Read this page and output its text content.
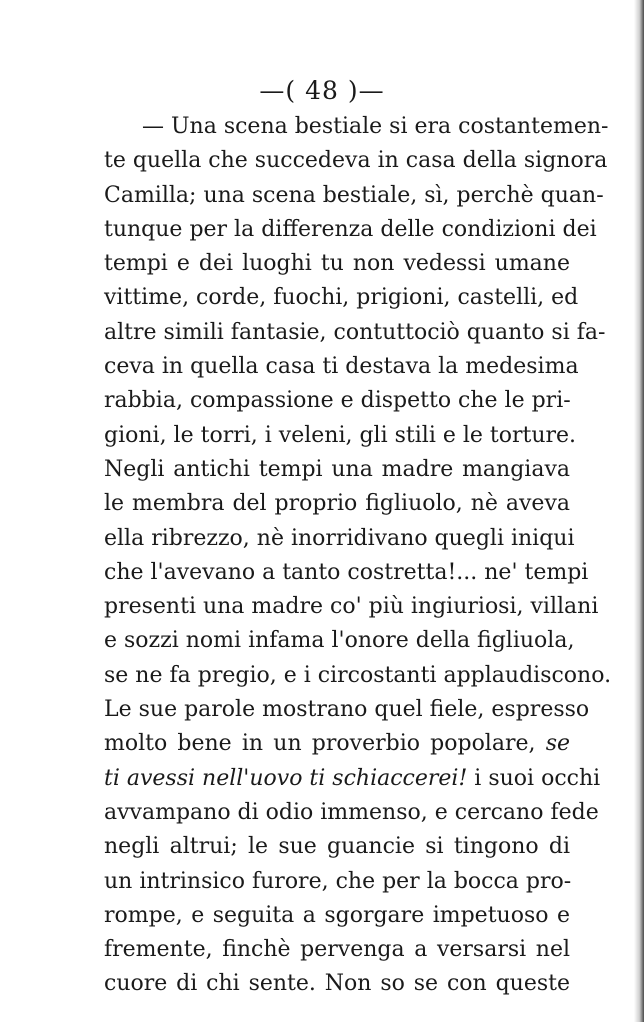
—( 48 )—
— Una scena bestiale si era costantemen-
te quella che succedeva in casa della signora
Camilla; una scena bestiale, sì, perchè quan-
tunque per la differenza delle condizioni dei
tempi e dei luoghi tu non vedessi umane
vittime, corde, fuochi, prigioni, castelli, ed
altre simili fantasie, contuttociò quanto si fa-
ceva in quella casa ti destava la medesima
rabbia, compassione e dispetto che le pri-
gioni, le torri, i veleni, gli stili e le torture.
Negli antichi tempi una madre mangiava
le membra del proprio figliuolo, nè aveva
ella ribrezzo, nè inorridivano quegli iniqui
che l'avevano a tanto costretta!... ne' tempi
presenti una madre co' più ingiuriosi, villani
e sozzi nomi infama l'onore della figliuola,
se ne fa pregio, e i circostanti applaudiscono.
Le sue parole mostrano quel fiele, espresso
molto bene in un proverbio popolare, se
ti avessi nell'uovo ti schiaccerei! i suoi occhi
avvampano di odio immenso, e cercano fede
negli altrui; le sue guancie si tingono di
un intrinsico furore, che per la bocca pro-
rompe, e seguita a sgorgare impetuoso e
fremente, finchè pervenga a versarsi nel
cuore di chi sente. Non so se con queste
